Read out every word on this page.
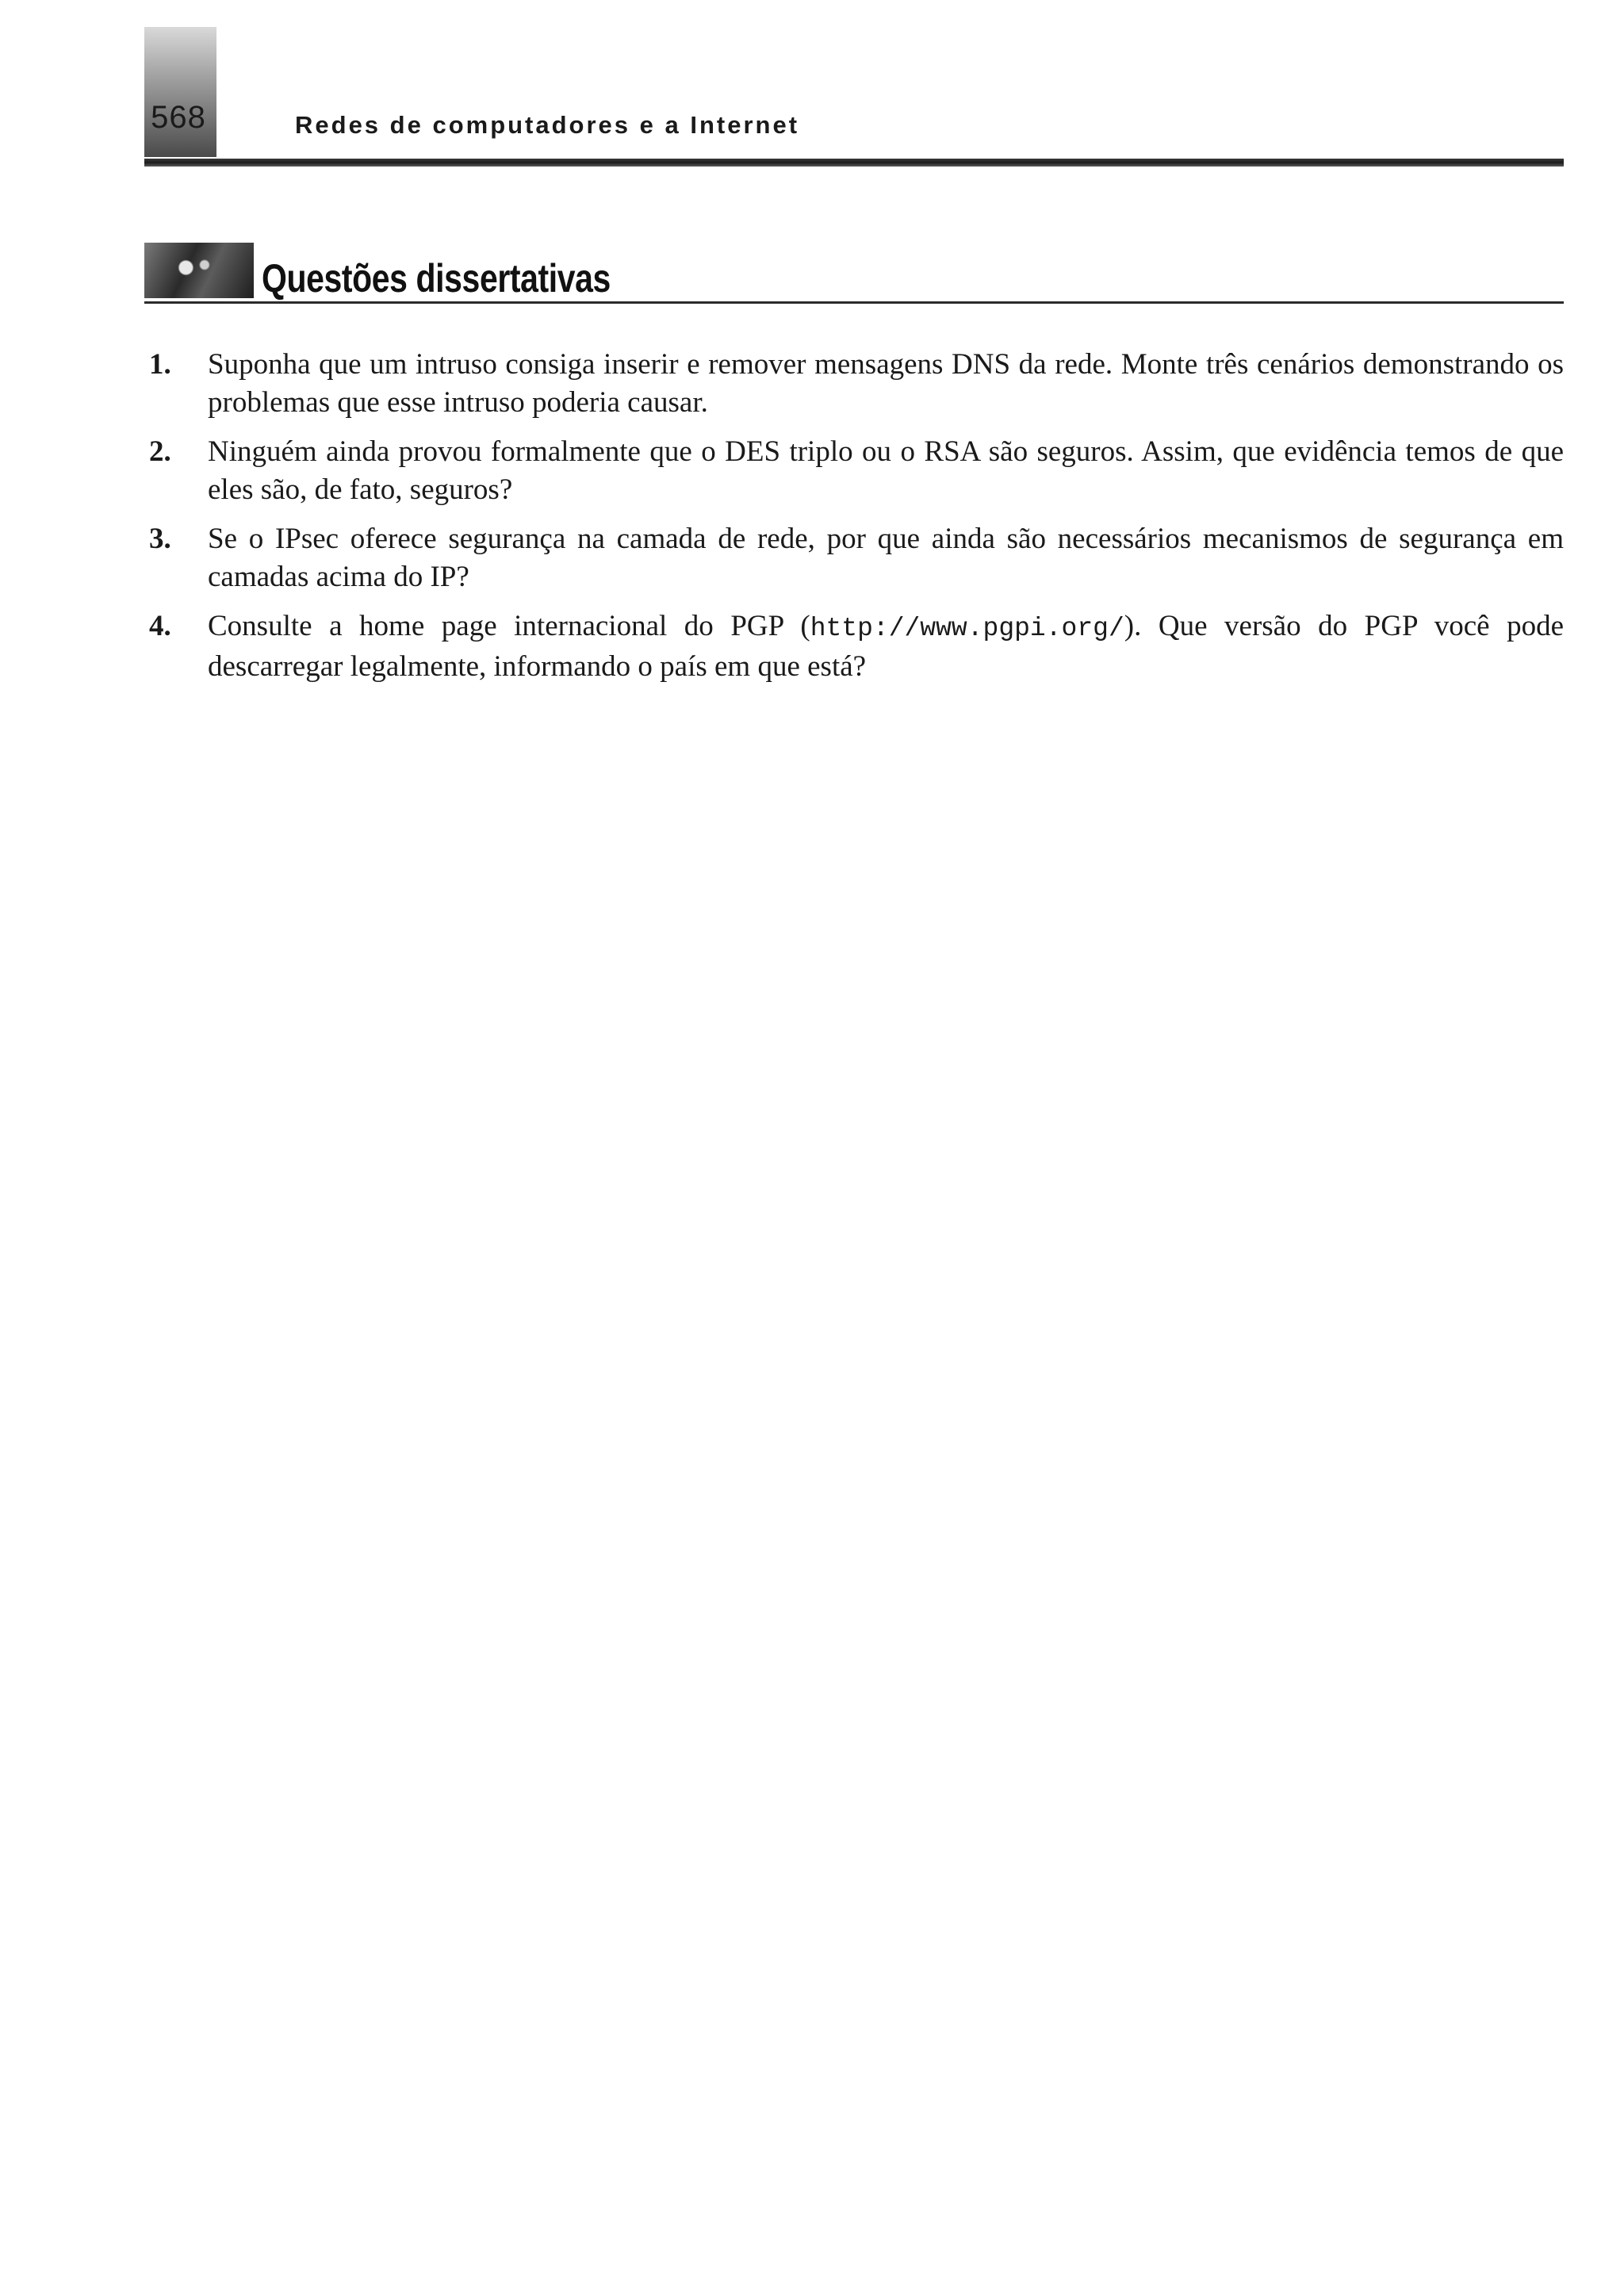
568	Redes de computadores e a Internet
Questões dissertativas
1. Suponha que um intruso consiga inserir e remover mensagens DNS da rede. Monte três cenários demonstrando os problemas que esse intruso poderia causar.
2. Ninguém ainda provou formalmente que o DES triplo ou o RSA são seguros. Assim, que evidência temos de que eles são, de fato, seguros?
3. Se o IPsec oferece segurança na camada de rede, por que ainda são necessários mecanismos de segurança em camadas acima do IP?
4. Consulte a home page internacional do PGP (http://www.pgpi.org/). Que versão do PGP você pode descarregar legalmente, informando o país em que está?
